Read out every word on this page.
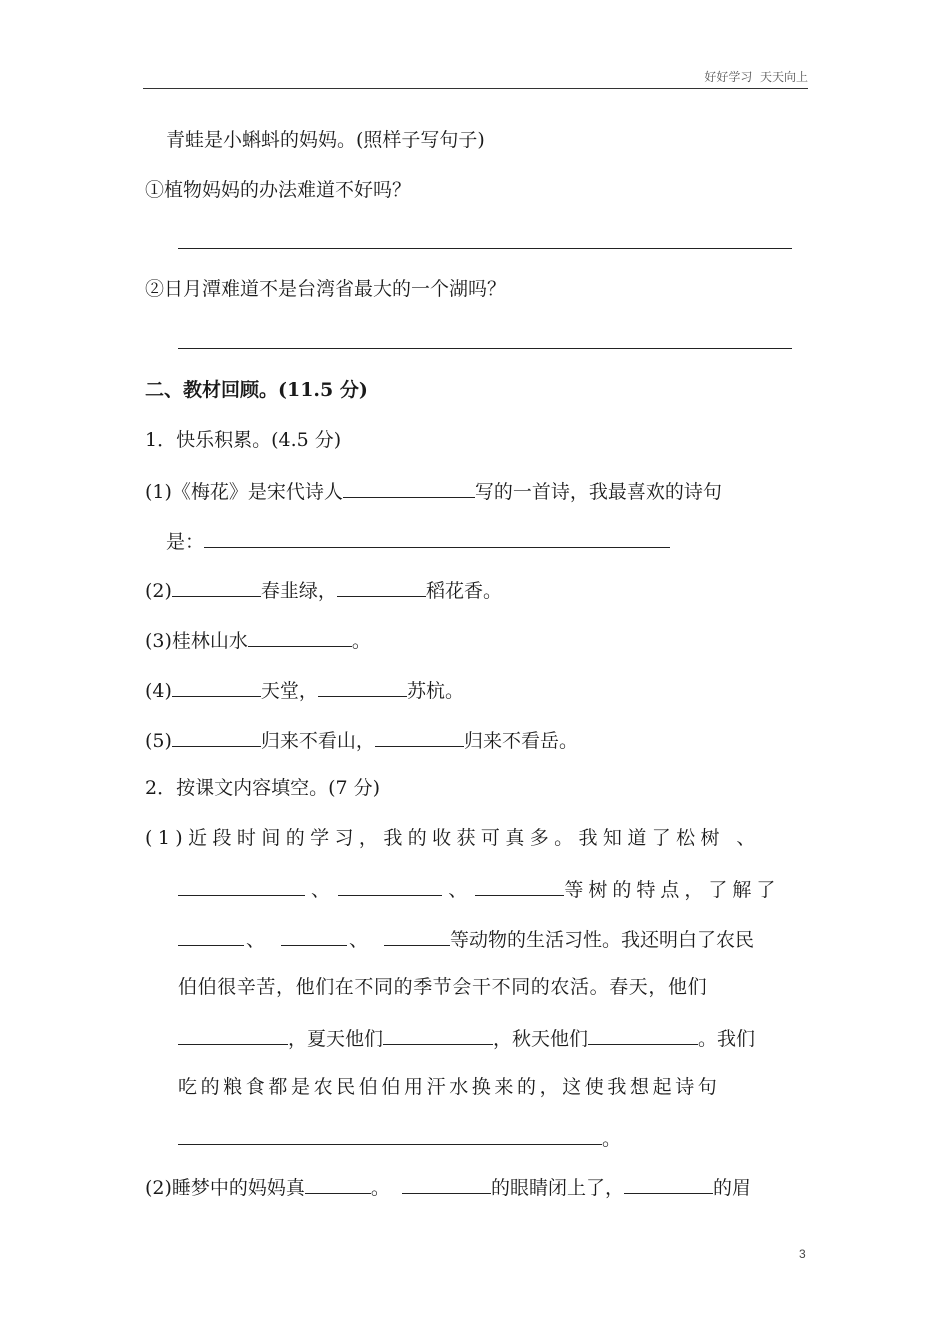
好好学习  天天向上
青蛙是小蝌蚪的妈妈。(照样子写句子)
①植物妈妈的办法难道不好吗？
②日月潭难道不是台湾省最大的一个湖吗？
二、教材回顾。(11.5 分)
1．快乐积累。(4.5 分)
(1)《梅花》是宋代诗人	写的一首诗，我最喜欢的诗句
是：
(2)	春韭绿，	稻花香。
(3)桂林山水	。
(4)	天堂，	苏杭。
(5)	归来不看山，	归来不看岳。
2．按课文内容填空。(7 分)
(1)近段时间的学习，我的收获可真多。我知道了松树 、
、	、	等树的特点，了解了
、	、	等动物的生活习性。我还明白了农民
伯伯很辛苦，他们在不同的季节会干不同的农活。春天，他们
，夏天他们	，秋天他们	。我们
吃的粮食都是农民伯伯用汗水换来的，这使我想起诗句
。
(2)睡梦中的妈妈真	。	的眼睛闭上了，	的眉
3
